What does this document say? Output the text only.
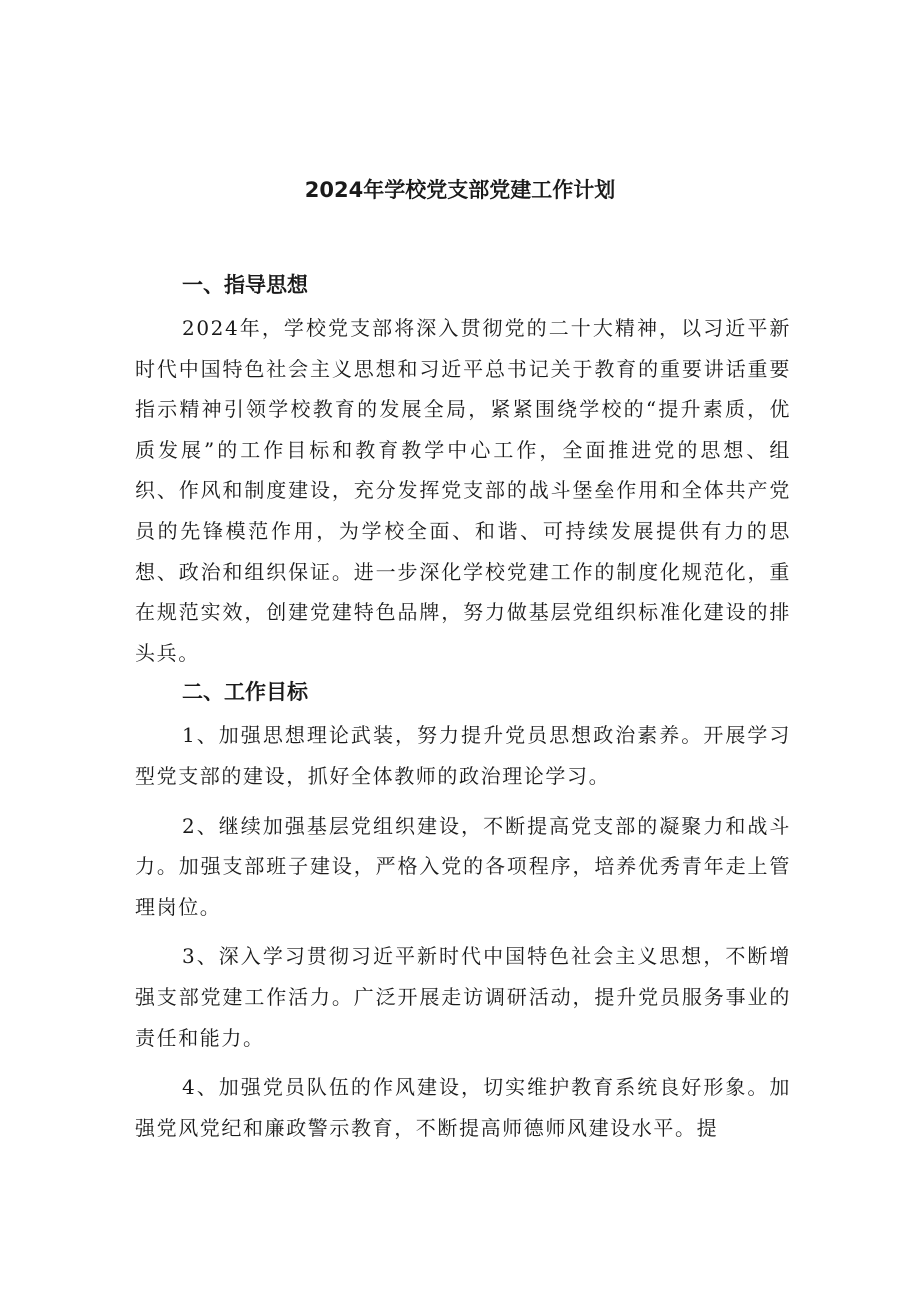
2024年学校党支部党建工作计划
一、指导思想

2024年，学校党支部将深入贯彻党的二十大精神，以习近平新时代中国特色社会主义思想和习近平总书记关于教育的重要讲话重要指示精神引领学校教育的发展全局，紧紧围绕学校的“提升素质，优质发展”的工作目标和教育教学中心工作，全面推进党的思想、组织、作风和制度建设，充分发挥党支部的战斗堡垒作用和全体共产党员的先锋模范作用，为学校全面、和谐、可持续发展提供有力的思想、政治和组织保证。进一步深化学校党建工作的制度化规范化，重在规范实效，创建党建特色品牌，努力做基层党组织标准化建设的排头兵。

二、工作目标

1、加强思想理论武装，努力提升党员思想政治素养。开展学习型党支部的建设，抓好全体教师的政治理论学习。

2、继续加强基层党组织建设，不断提高党支部的凝聚力和战斗力。加强支部班子建设，严格入党的各项程序，培养优秀青年走上管理岗位。

3、深入学习贯彻习近平新时代中国特色社会主义思想，不断增强支部党建工作活力。广泛开展走访调研活动，提升党员服务事业的责任和能力。

4、加强党员队伍的作风建设，切实维护教育系统良好形象。加强党风党纪和廉政警示教育，不断提高师德师风建设水平。提
